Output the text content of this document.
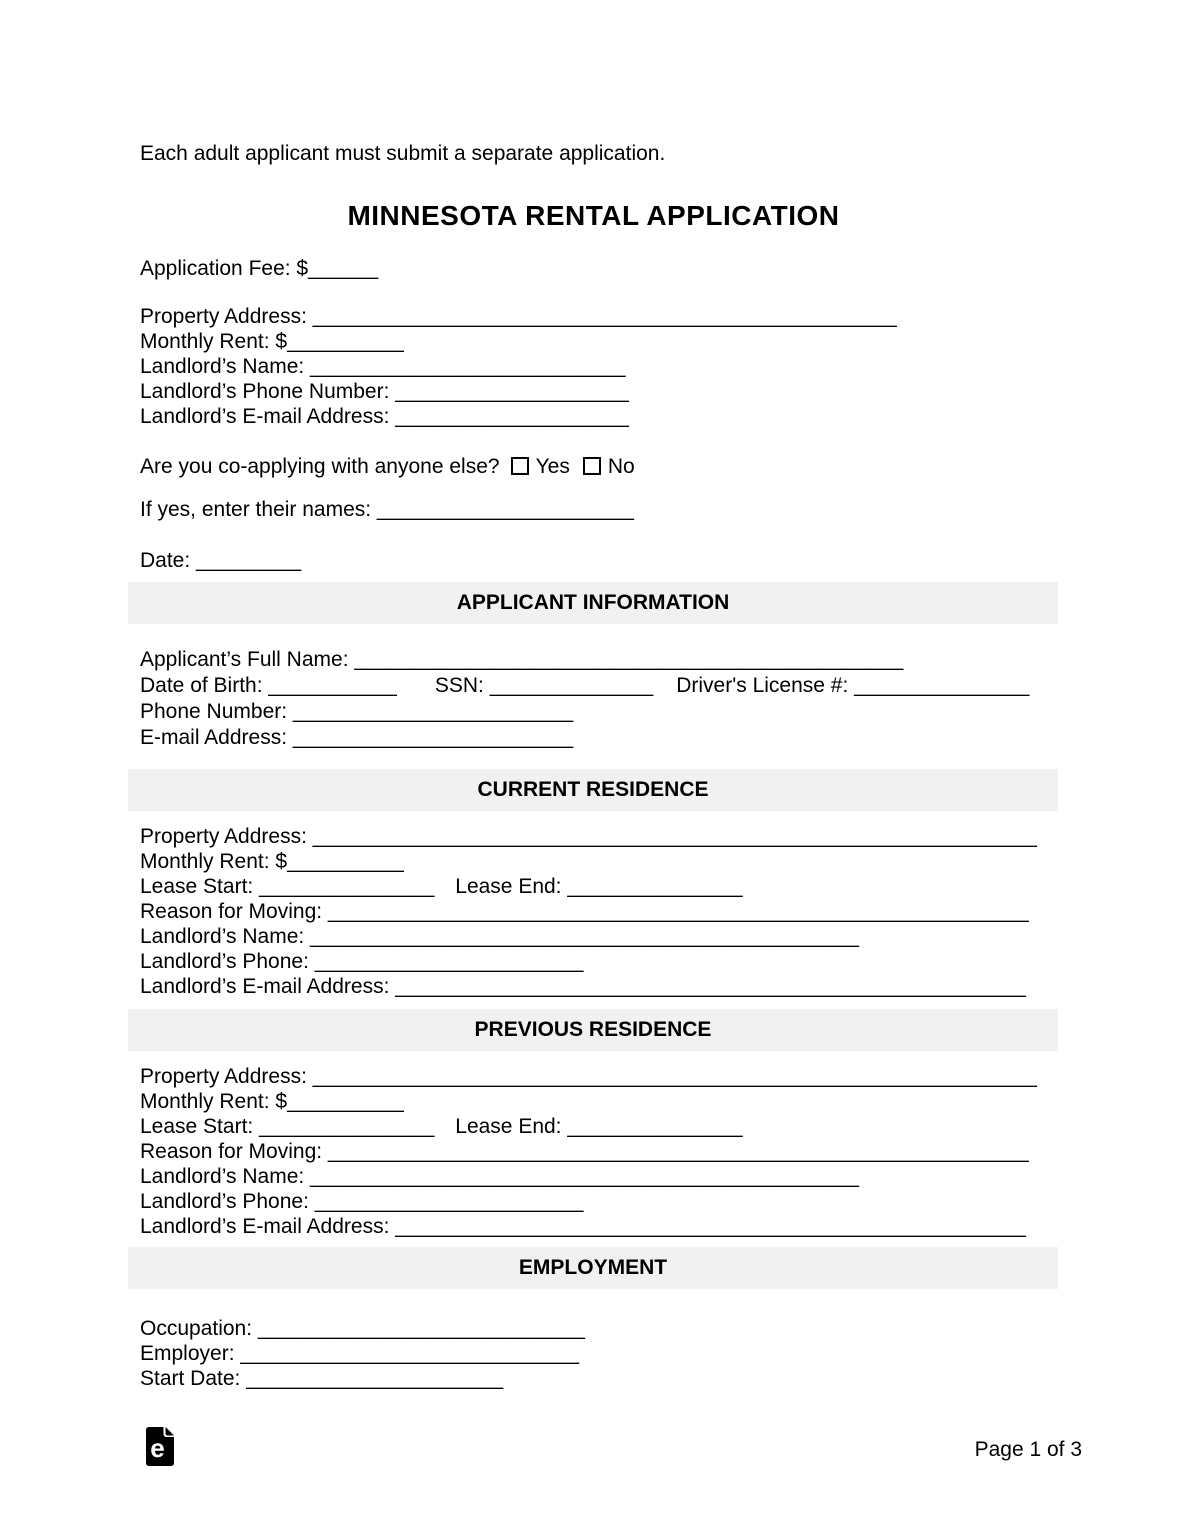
Each adult applicant must submit a separate application.
MINNESOTA RENTAL APPLICATION
Application Fee: $______
Property Address: __________________________________________________
Monthly Rent: $__________
Landlord’s Name: ___________________________
Landlord’s Phone Number: ____________________
Landlord’s E-mail Address: ____________________
Are you co-applying with anyone else? Yes No
If yes, enter their names: ______________________
Date: _________
APPLICANT INFORMATION
Applicant’s Full Name: _______________________________________________
Date of Birth: ___________ SSN: ______________ Driver's License #: _______________
Phone Number: ________________________
E-mail Address: ________________________
CURRENT RESIDENCE
Property Address: ______________________________________________________________
Monthly Rent: $__________
Lease Start: _______________ Lease End: _______________
Reason for Moving: ____________________________________________________________
Landlord’s Name: _______________________________________________
Landlord’s Phone: _______________________
Landlord’s E-mail Address: ______________________________________________________
PREVIOUS RESIDENCE
Property Address: ______________________________________________________________
Monthly Rent: $__________
Lease Start: _______________ Lease End: _______________
Reason for Moving: ____________________________________________________________
Landlord’s Name: _______________________________________________
Landlord’s Phone: _______________________
Landlord’s E-mail Address: ______________________________________________________
EMPLOYMENT
Occupation: ____________________________
Employer: _____________________________
Start Date: ______________________
e	Page 1 of 3
